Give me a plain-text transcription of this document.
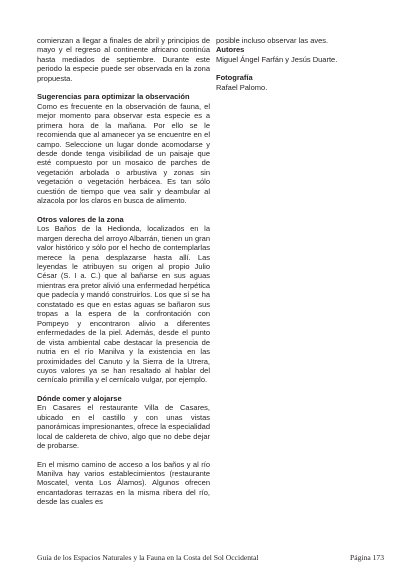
comienzan a llegar a finales de abril y principios de mayo y el regreso al continente africano continúa hasta mediados de septiembre. Durante este periodo la especie puede ser observada en la zona propuesta.

Sugerencias para optimizar la observación

Como es frecuente en la observación de fauna, el mejor momento para observar esta especie es a primera hora de la mañana. Por ello se le recomienda que al amanecer ya se encuentre en el campo. Seleccione un lugar donde acomodarse y desde donde tenga visibilidad de un paisaje que esté compuesto por un mosaico de parches de vegetación arbolada o arbustiva y zonas sin vegetación o vegetación herbácea. Es tan sólo cuestión de tiempo que vea salir y deambular al alzacola por los claros en busca de alimento.

Otros valores de la zona

Los Baños de la Hedionda, localizados en la margen derecha del arroyo Albarrán, tienen un gran valor histórico y sólo por el hecho de contemplarlas merece la pena desplazarse hasta allí. Las leyendas le atribuyen su origen al propio Julio César (S. I a. C.) que al bañarse en sus aguas mientras era pretor alivió una enfermedad herpética que padecía y mandó construirlos. Los que sí se ha constatado es que en estas aguas se bañaron sus tropas a la espera de la confrontación con Pompeyo y encontraron alivio a diferentes enfermedades de la piel. Además, desde el punto de vista ambiental cabe destacar la presencia de nutria en el río Manilva y la existencia en las proximidades del Canuto y la Sierra de la Utrera, cuyos valores ya se han resaltado al hablar del cernícalo primilla y el cernícalo vulgar, por ejemplo.

Dónde comer y alojarse

En Casares el restaurante Villa de Casares, ubicado en el castillo y con unas vistas panorámicas impresionantes, ofrece la especialidad local de caldereta de chivo, algo que no debe dejar de probarse.

En el mismo camino de acceso a los baños y al río Manilva hay varios establecimientos (restaurante Moscatel, venta Los Álamos). Algunos ofrecen encantadoras terrazas en la misma ribera del río, desde las cuales es

posible incluso observar las aves.

Autores

Miguel Ángel Farfán y Jesús Duarte.

Fotografía

Rafael Palomo.

Guía de los Espacios Naturales y la Fauna en la Costa del Sol Occidental	Página 173
